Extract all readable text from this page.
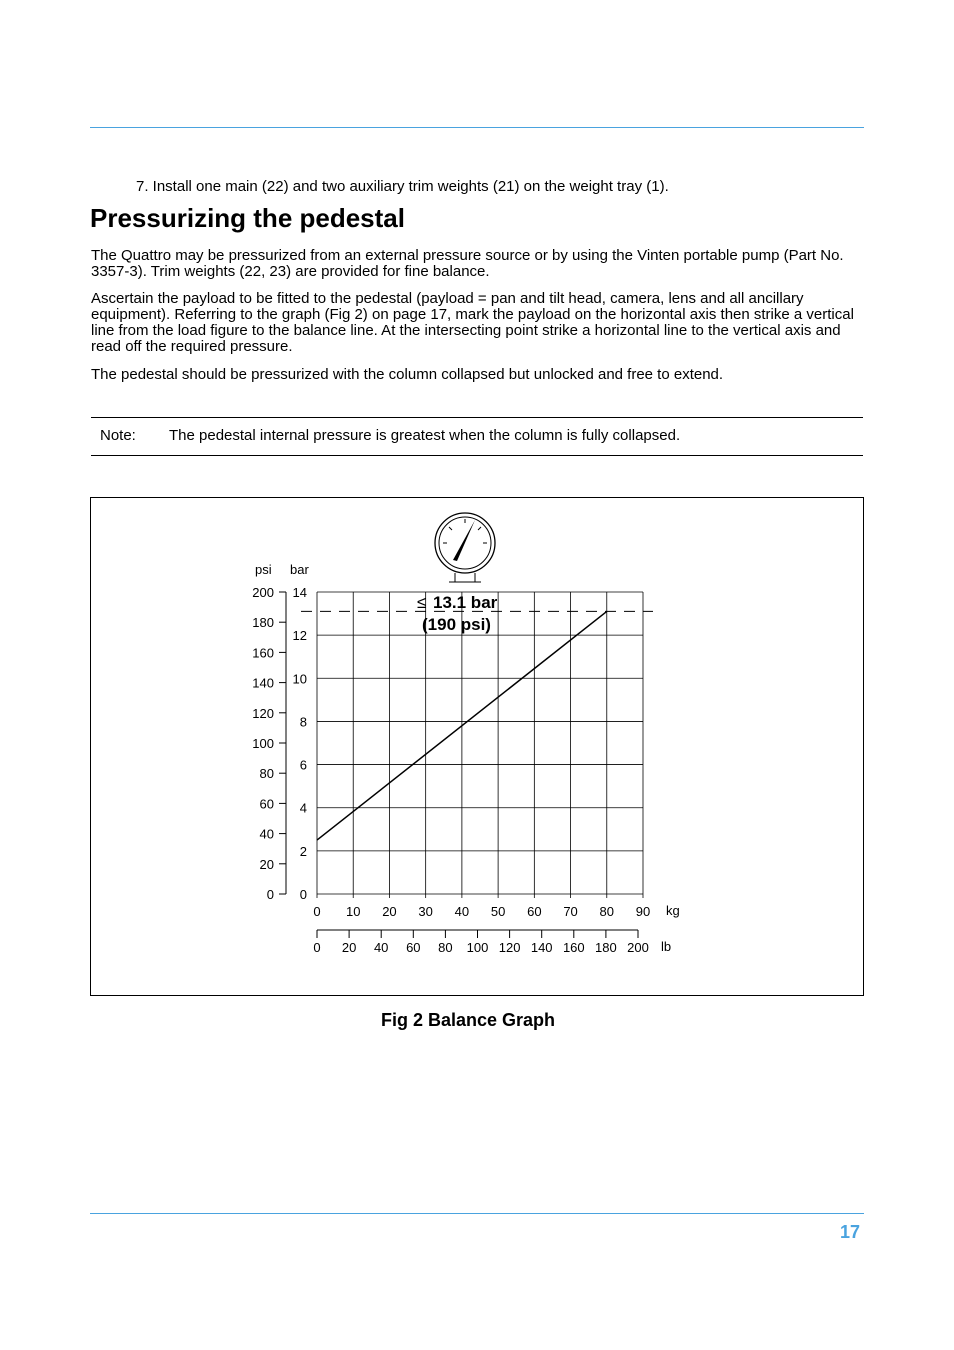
7. Install one main (22) and two auxiliary trim weights (21) on the weight tray (1).
Pressurizing the pedestal
The Quattro may be pressurized from an external pressure source or by using the Vinten portable pump (Part No. 3357-3). Trim weights (22, 23) are provided for fine balance.
Ascertain the payload to be fitted to the pedestal (payload = pan and tilt head, camera, lens and all ancillary equipment). Referring to the graph (Fig 2) on page 17, mark the payload on the horizontal axis then strike a vertical line from the load figure to the balance line. At the intersecting point strike a horizontal line to the vertical axis and read off the required pressure.
The pedestal should be pressurized with the column collapsed but unlocked and free to extend.
Note: The pedestal internal pressure is greatest when the column is fully collapsed.
0
2
4
6
8
10
12
14
0 10 20 30 40 50 60 70 80 90
0
20
40
60
80
100
120
140
160
180
200
0 20 40 60 80 100 120 140 160 180 200
≤ 13.1 bar
(190 psi)
psi bar
kg
lb
Fig 2 Balance Graph
17
